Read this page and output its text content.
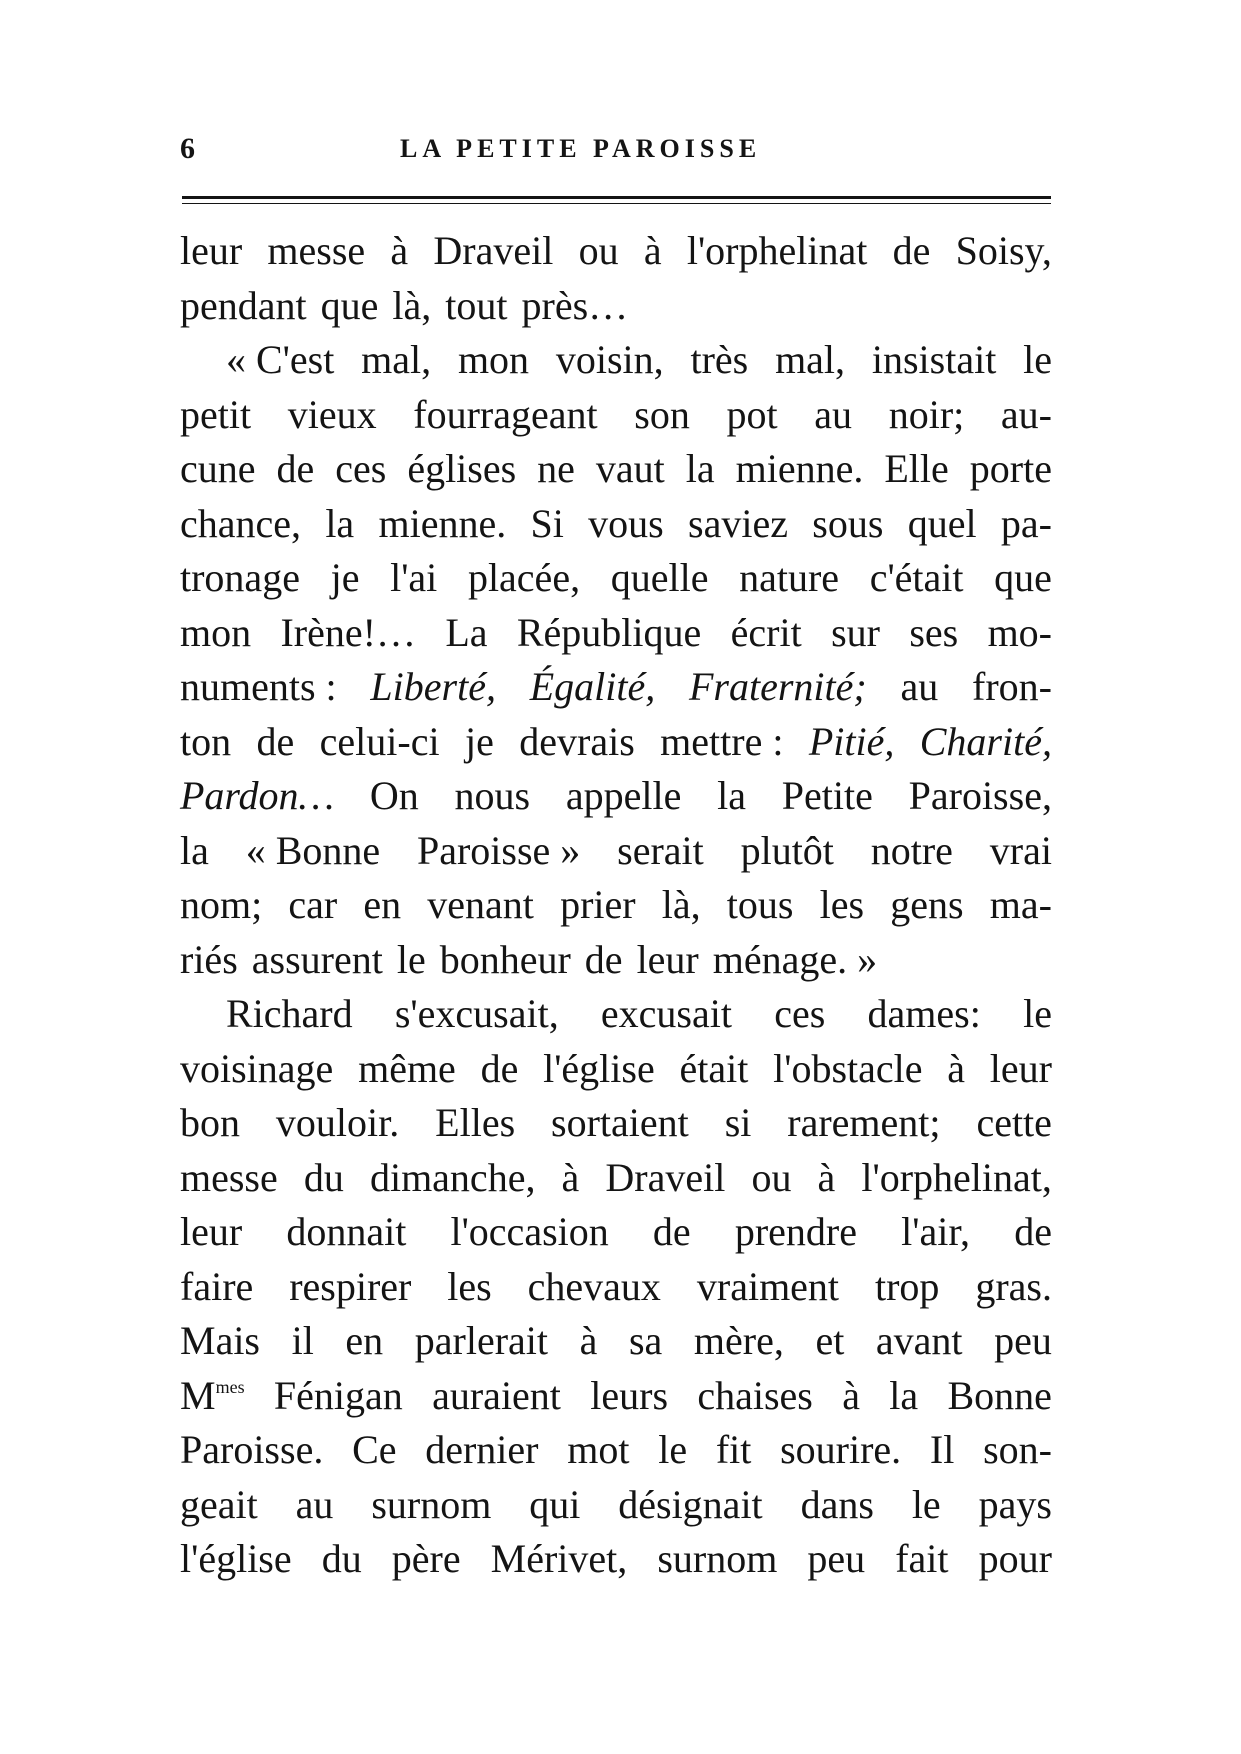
6	LA PETITE PAROISSE
leur messe à Draveil ou à l'orphelinat de Soisy,
pendant que là, tout près…
« C'est mal, mon voisin, très mal, insistait le
petit vieux fourrageant son pot au noir; au-
cune de ces églises ne vaut la mienne. Elle porte
chance, la mienne. Si vous saviez sous quel pa-
tronage je l'ai placée, quelle nature c'était que
mon Irène!… La République écrit sur ses mo-
numents : Liberté, Égalité, Fraternité; au fron-
ton de celui-ci je devrais mettre : Pitié, Charité,
Pardon… On nous appelle la Petite Paroisse,
la « Bonne Paroisse » serait plutôt notre vrai
nom; car en venant prier là, tous les gens ma-
riés assurent le bonheur de leur ménage. »
Richard s'excusait, excusait ces dames: le
voisinage même de l'église était l'obstacle à leur
bon vouloir. Elles sortaient si rarement; cette
messe du dimanche, à Draveil ou à l'orphelinat,
leur donnait l'occasion de prendre l'air, de
faire respirer les chevaux vraiment trop gras.
Mais il en parlerait à sa mère, et avant peu
$M^{mes}$ Fénigan auraient leurs chaises à la Bonne
Paroisse. Ce dernier mot le fit sourire. Il son-
geait au surnom qui désignait dans le pays
l'église du père Mérivet, surnom peu fait pour
